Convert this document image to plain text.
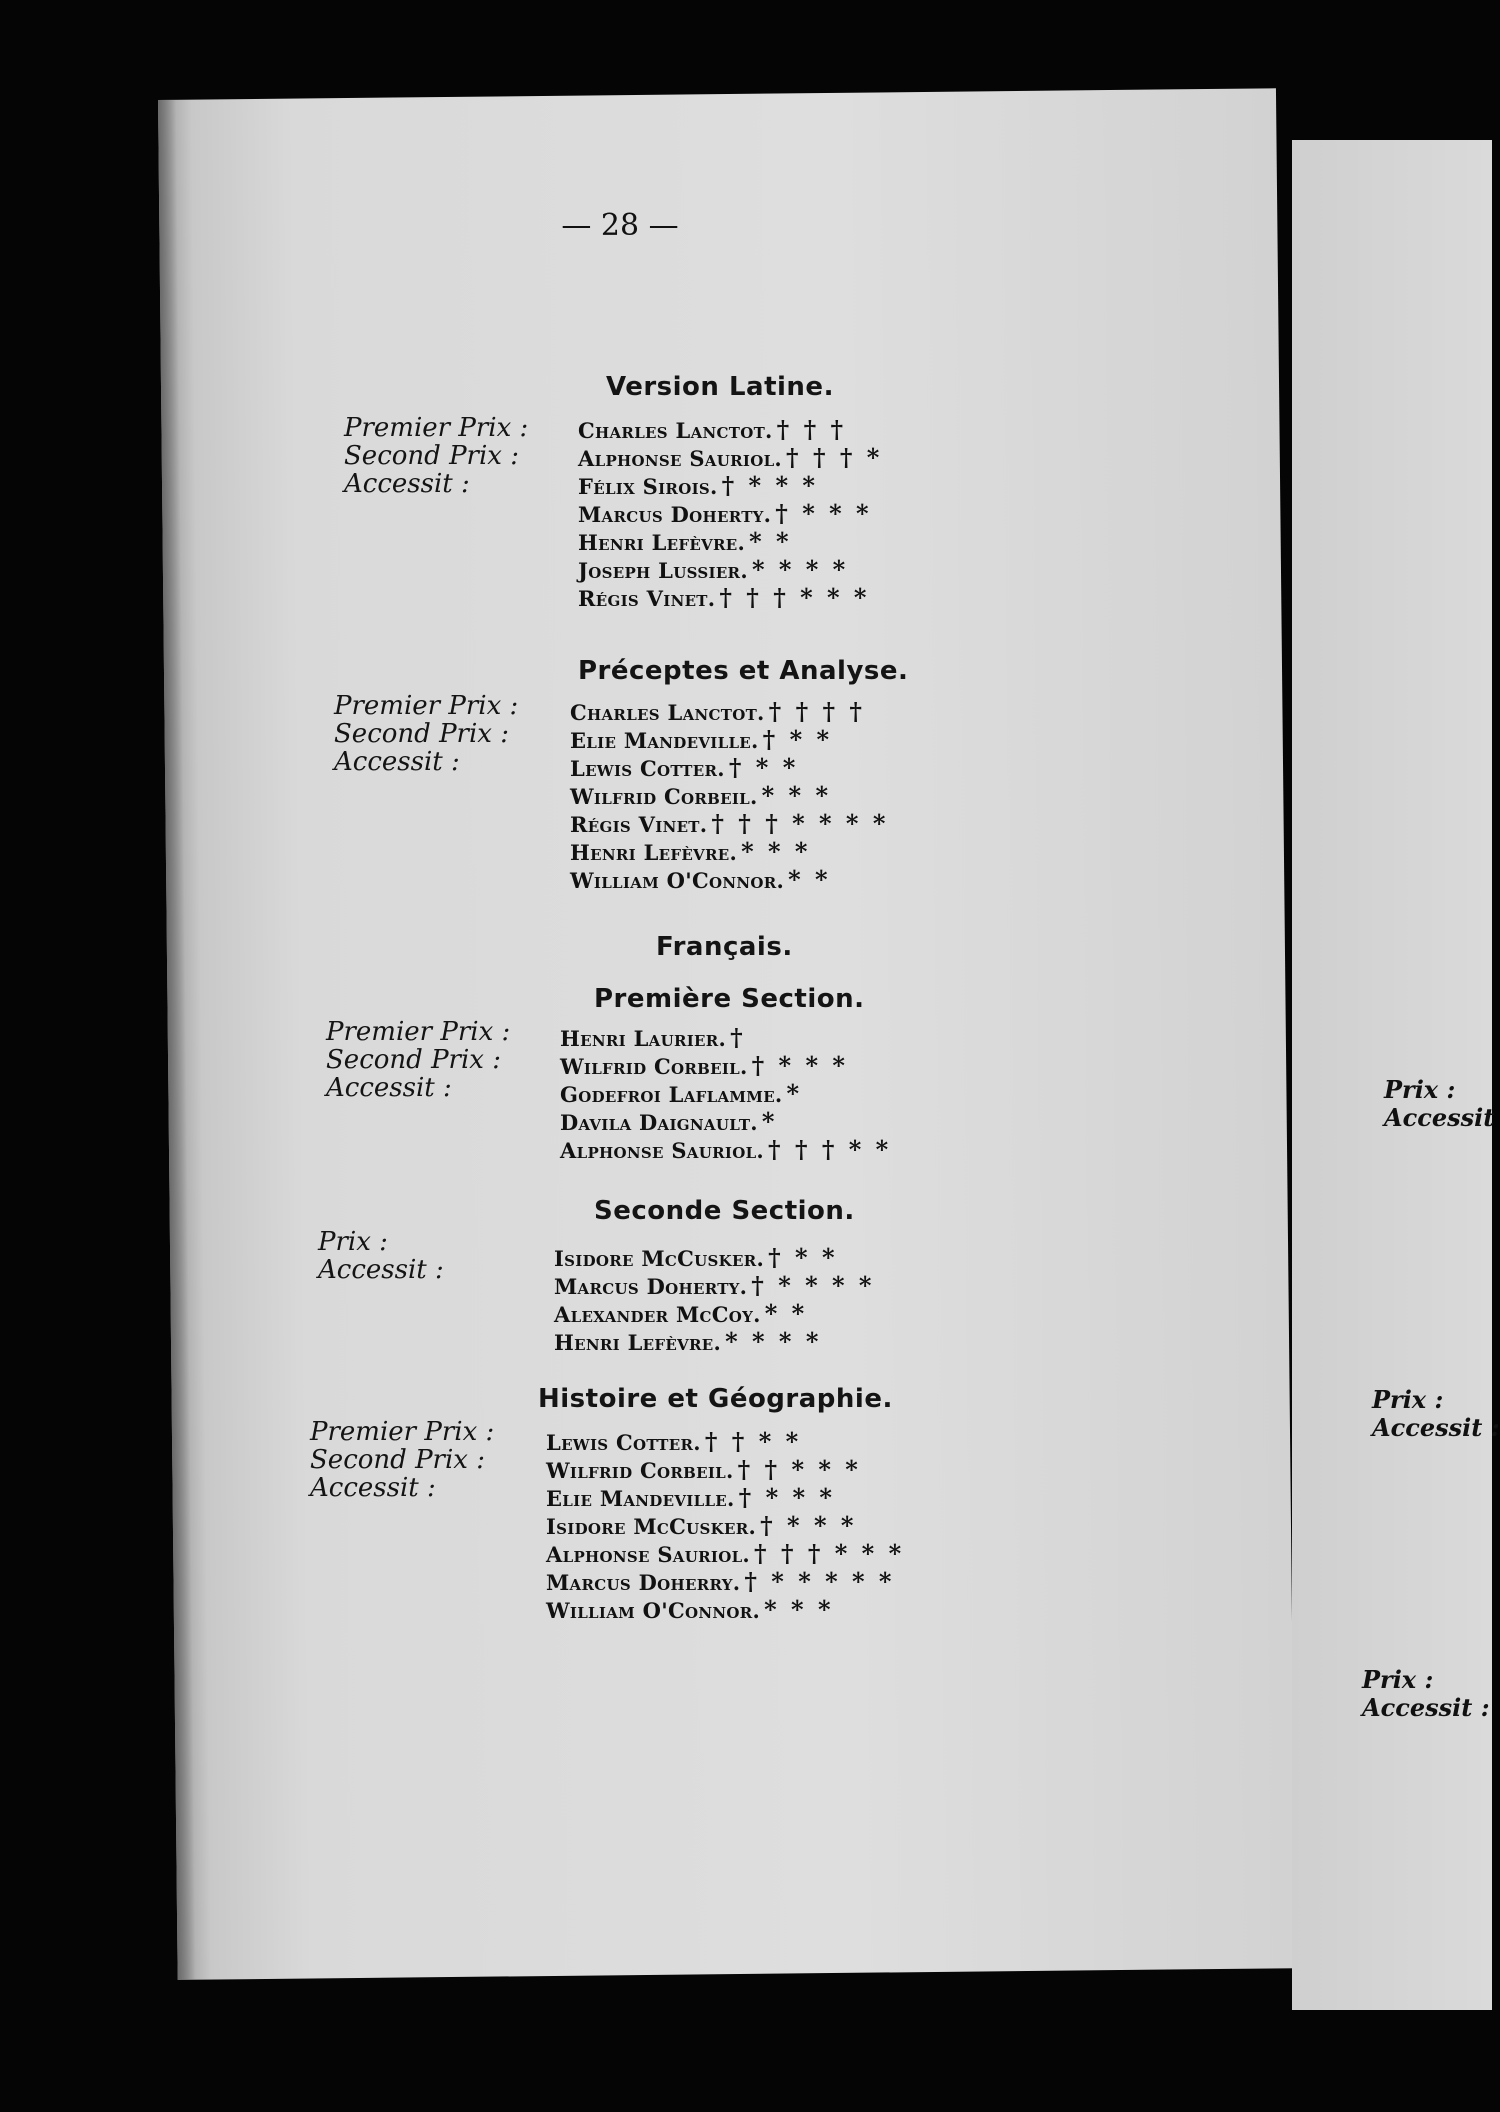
— 28 —
Version Latine.
Premier Prix :
Second Prix :
Accessit :
Charles Lanctot. † † †
Alphonse Sauriol. † † † *
Félix Sirois. † * * *
Marcus Doherty. † * * *
Henri Lefèvre. * *
Joseph Lussier. * * * *
Régis Vinet. † † † * * *
Préceptes et Analyse.
Premier Prix :
Second Prix :
Accessit :
Charles Lanctot. † † † †
Elie Mandeville. † * *
Lewis Cotter. † * *
Wilfrid Corbeil. * * *
Régis Vinet. † † † * * * *
Henri Lefèvre. * * *
William O'Connor. * *
Français.
Première Section.
Premier Prix :
Second Prix :
Accessit :
Henri Laurier. †
Wilfrid Corbeil. † * * *
Godefroi Laflamme. *
Davila Daignault. *
Alphonse Sauriol. † † † * *
Seconde Section.
Prix :
Accessit :	Isidore McCusker. † * *
Marcus Doherty. † * * * *
Alexander McCoy. * *
Henri Lefèvre. * * * *
Histoire et Géographie.
Premier Prix :
Second Prix :
Accessit :
Lewis Cotter. † † * *
Wilfrid Corbeil. † † * * *
Elie Mandeville. † * * *
Isidore McCusker. † * * *
Alphonse Sauriol. † † † * * *
Marcus Doherry. † * * * * *
William O'Connor. * * *
Prix :
Accessit
Prix :
Accessit :
Prix :
Accessit :
